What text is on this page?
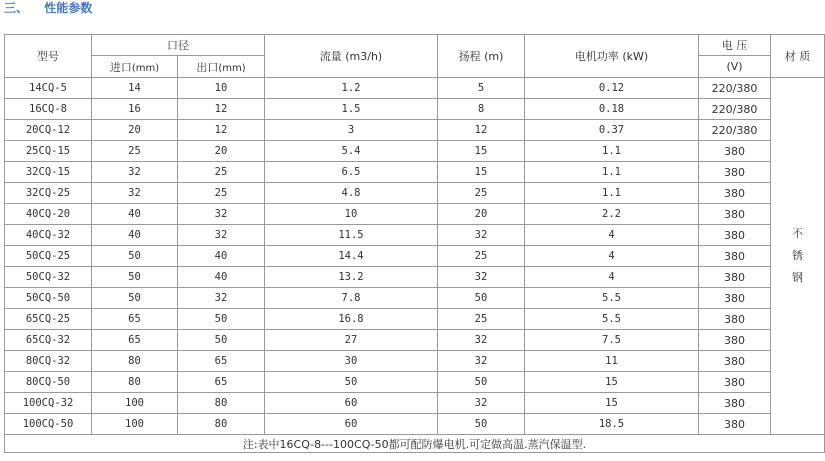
三、 性能参数
型号	口径		流量 (m3/h)	扬程 (m)	电机功率 (kW)	电 压	材 质
	进口(mm)	出口(mm)				(V)	
14CQ-5	14	10	1.2	5	0.12	220/380	不
锈
钢

16CQ-8	16	12	1.5	8	0.18	220/380	
20CQ-12	20	12	3	12	0.37	220/380	
25CQ-15	25	20	5.4	15	1.1	380	
32CQ-15	32	25	6.5	15	1.1	380	
32CQ-25	32	25	4.8	25	1.1	380	
40CQ-20	40	32	10	20	2.2	380	
40CQ-32	40	32	11.5	32	4	380	
50CQ-25	50	40	14.4	25	4	380	
50CQ-32	50	40	13.2	32	4	380	
50CQ-50	50	32	7.8	50	5.5	380	
65CQ-25	65	50	16.8	25	5.5	380	
65CQ-32	65	50	27	32	7.5	380	
80CQ-32	80	65	30	32	11	380	
80CQ-50	80	65	50	50	15	380	
100CQ-32	100	80	60	32	15	380	
100CQ-50	100	80	60	50	18.5	380	
注:表中16CQ-8---100CQ-50都可配防爆电机.可定做高温.蒸汽保温型.							
